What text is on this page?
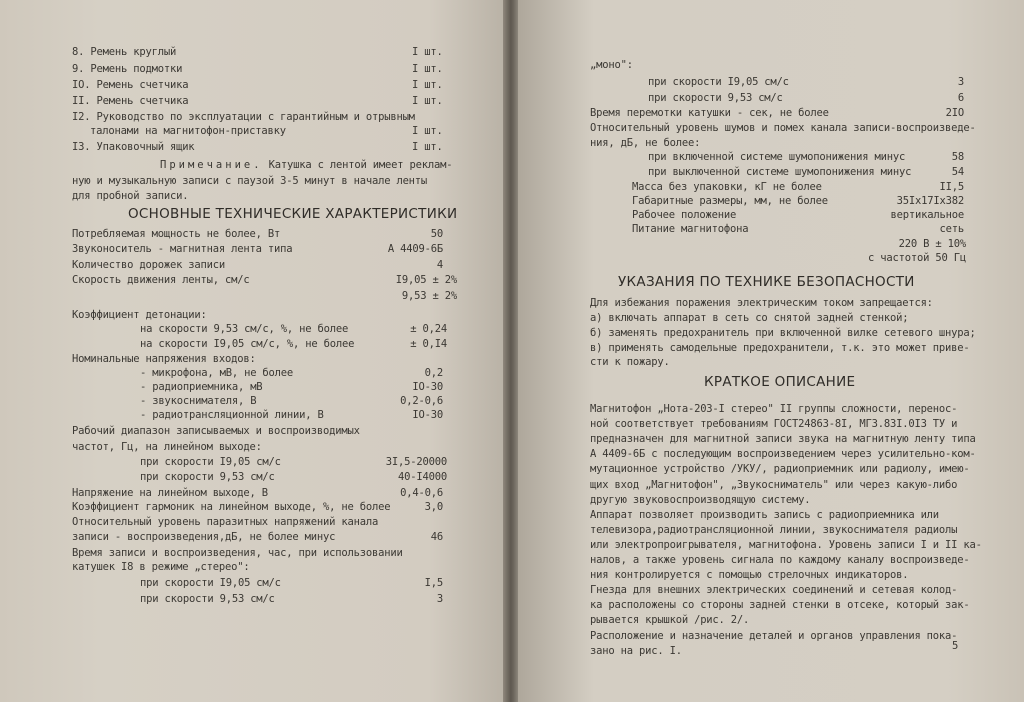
8. Ремень круглый	I шт.
9. Ремень подмотки	I шт.
IO. Ремень счетчика	I шт.
II. Ремень счетчика	I шт.
I2. Руководство по эксплуатации с гарантийным и отрывным
талонами на магнитофон-приставку	I шт.
I3. Упаковочный ящик	I шт.
Примечание. Катушка с лентой имеет реклам-
ную и музыкальную записи с паузой 3-5 минут в начале ленты
для пробной записи.
ОСНОВНЫЕ ТЕХНИЧЕСКИЕ ХАРАКТЕРИСТИКИ
Потребляемая мощность не более, Вт	50
Звуконоситель - магнитная лента типа	А 4409-6Б
Количество дорожек записи	4
Скорость движения ленты, см/с	I9,05 ± 2%
9,53 ± 2%
Коэффициент детонации:
на скорости 9,53 см/с, %, не более	± 0,24
на скорости I9,05 см/с, %, не более	± 0,I4
Номинальные напряжения входов:
- микрофона, мВ, не более	0,2
- радиоприемника, мВ	IO-30
- звукоснимателя, В	0,2-0,6
- радиотрансляционной линии, В	IO-30
Рабочий диапазон записываемых и воспроизводимых
частот, Гц, на линейном выходе:
при скорости I9,05 см/с	3I,5-20000
при скорости 9,53 см/с	40-I4000
Напряжение на линейном выходе, В	0,4-0,6
Коэффициент гармоник на линейном выходе, %, не более	3,0
Относительный уровень паразитных напряжений канала
записи - воспроизведения,дБ, не более минус	46
Время записи и воспроизведения, час, при использовании
катушек I8 в режиме „стерео":
при скорости I9,05 см/с	I,5
при скорости 9,53 см/с	3
„моно":
при скорости I9,05 см/с	3
при скорости 9,53 см/с	6
Время перемотки катушки - сек, не более	2IO
Относительный уровень шумов и помех канала записи-воспроизведе-
ния, дБ, не более:
при включенной системе шумопонижения минус	58
при выключенной системе шумопонижения минус	54
Масса без упаковки, кГ не более	II,5
Габаритные размеры, мм, не более	35Ix17Ix382
Рабочее положение	вертикальное
Питание магнитофона	сеть
220 В ± 10%
с частотой 50 Гц
УКАЗАНИЯ ПО ТЕХНИКЕ БЕЗОПАСНОСТИ
Для избежания поражения электрическим током запрещается:
а) включать аппарат в сеть со снятой задней стенкой;
б) заменять предохранитель при включенной вилке сетевого шнура;
в) применять самодельные предохранители, т.к. это может приве-
сти к пожару.
КРАТКОЕ ОПИСАНИЕ
Магнитофон „Нота-203-I стерео" II группы сложности, перенос-
ной соответствует требованиям ГОСТ24863-8I, МГЗ.83I.0I3 ТУ и
предназначен для магнитной записи звука на магнитную ленту типа
А 4409-6Б с последующим воспроизведением через усилительно-ком-
мутационное устройство /УКУ/, радиоприемник или радиолу, имею-
щих вход „Магнитофон", „Звукосниматель" или через какую-либо
другую звуковоспроизводящую систему.
Аппарат позволяет производить запись с радиоприемника или
телевизора,радиотрансляционной линии, звукоснимателя радиолы
или электропроигрывателя, магнитофона. Уровень записи I и II ка-
налов, а также уровень сигнала по каждому каналу воспроизведе-
ния контролируется с помощью стрелочных индикаторов.
Гнезда для внешних электрических соединений и сетевая колод-
ка расположены со стороны задней стенки в отсеке, который зак-
рывается крышкой /рис. 2/.
Расположение и назначение деталей и органов управления пока-
зано на рис. I.	5
